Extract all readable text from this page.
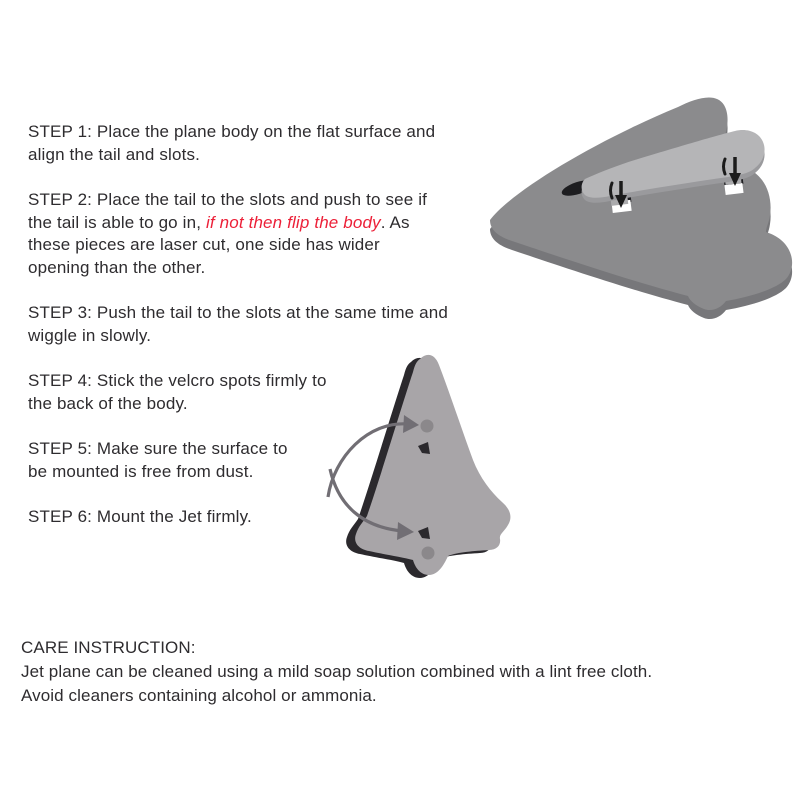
STEP 1: Place the plane body on the flat surface and
align the tail and slots.
STEP 2: Place the tail to the slots and push to see if
the tail is able to go in, if not then flip the body. As
these pieces are laser cut, one side has wider
opening than the other.
STEP 3: Push the tail to the slots at the same time and
wiggle in slowly.
STEP 4: Stick the velcro spots firmly to
the back of the body.
STEP 5: Make sure the surface to
be mounted is free from dust.
STEP 6: Mount the Jet firmly.
CARE INSTRUCTION:
Jet plane can be cleaned using a mild soap solution combined with a lint free cloth.
Avoid cleaners containing alcohol or ammonia.
